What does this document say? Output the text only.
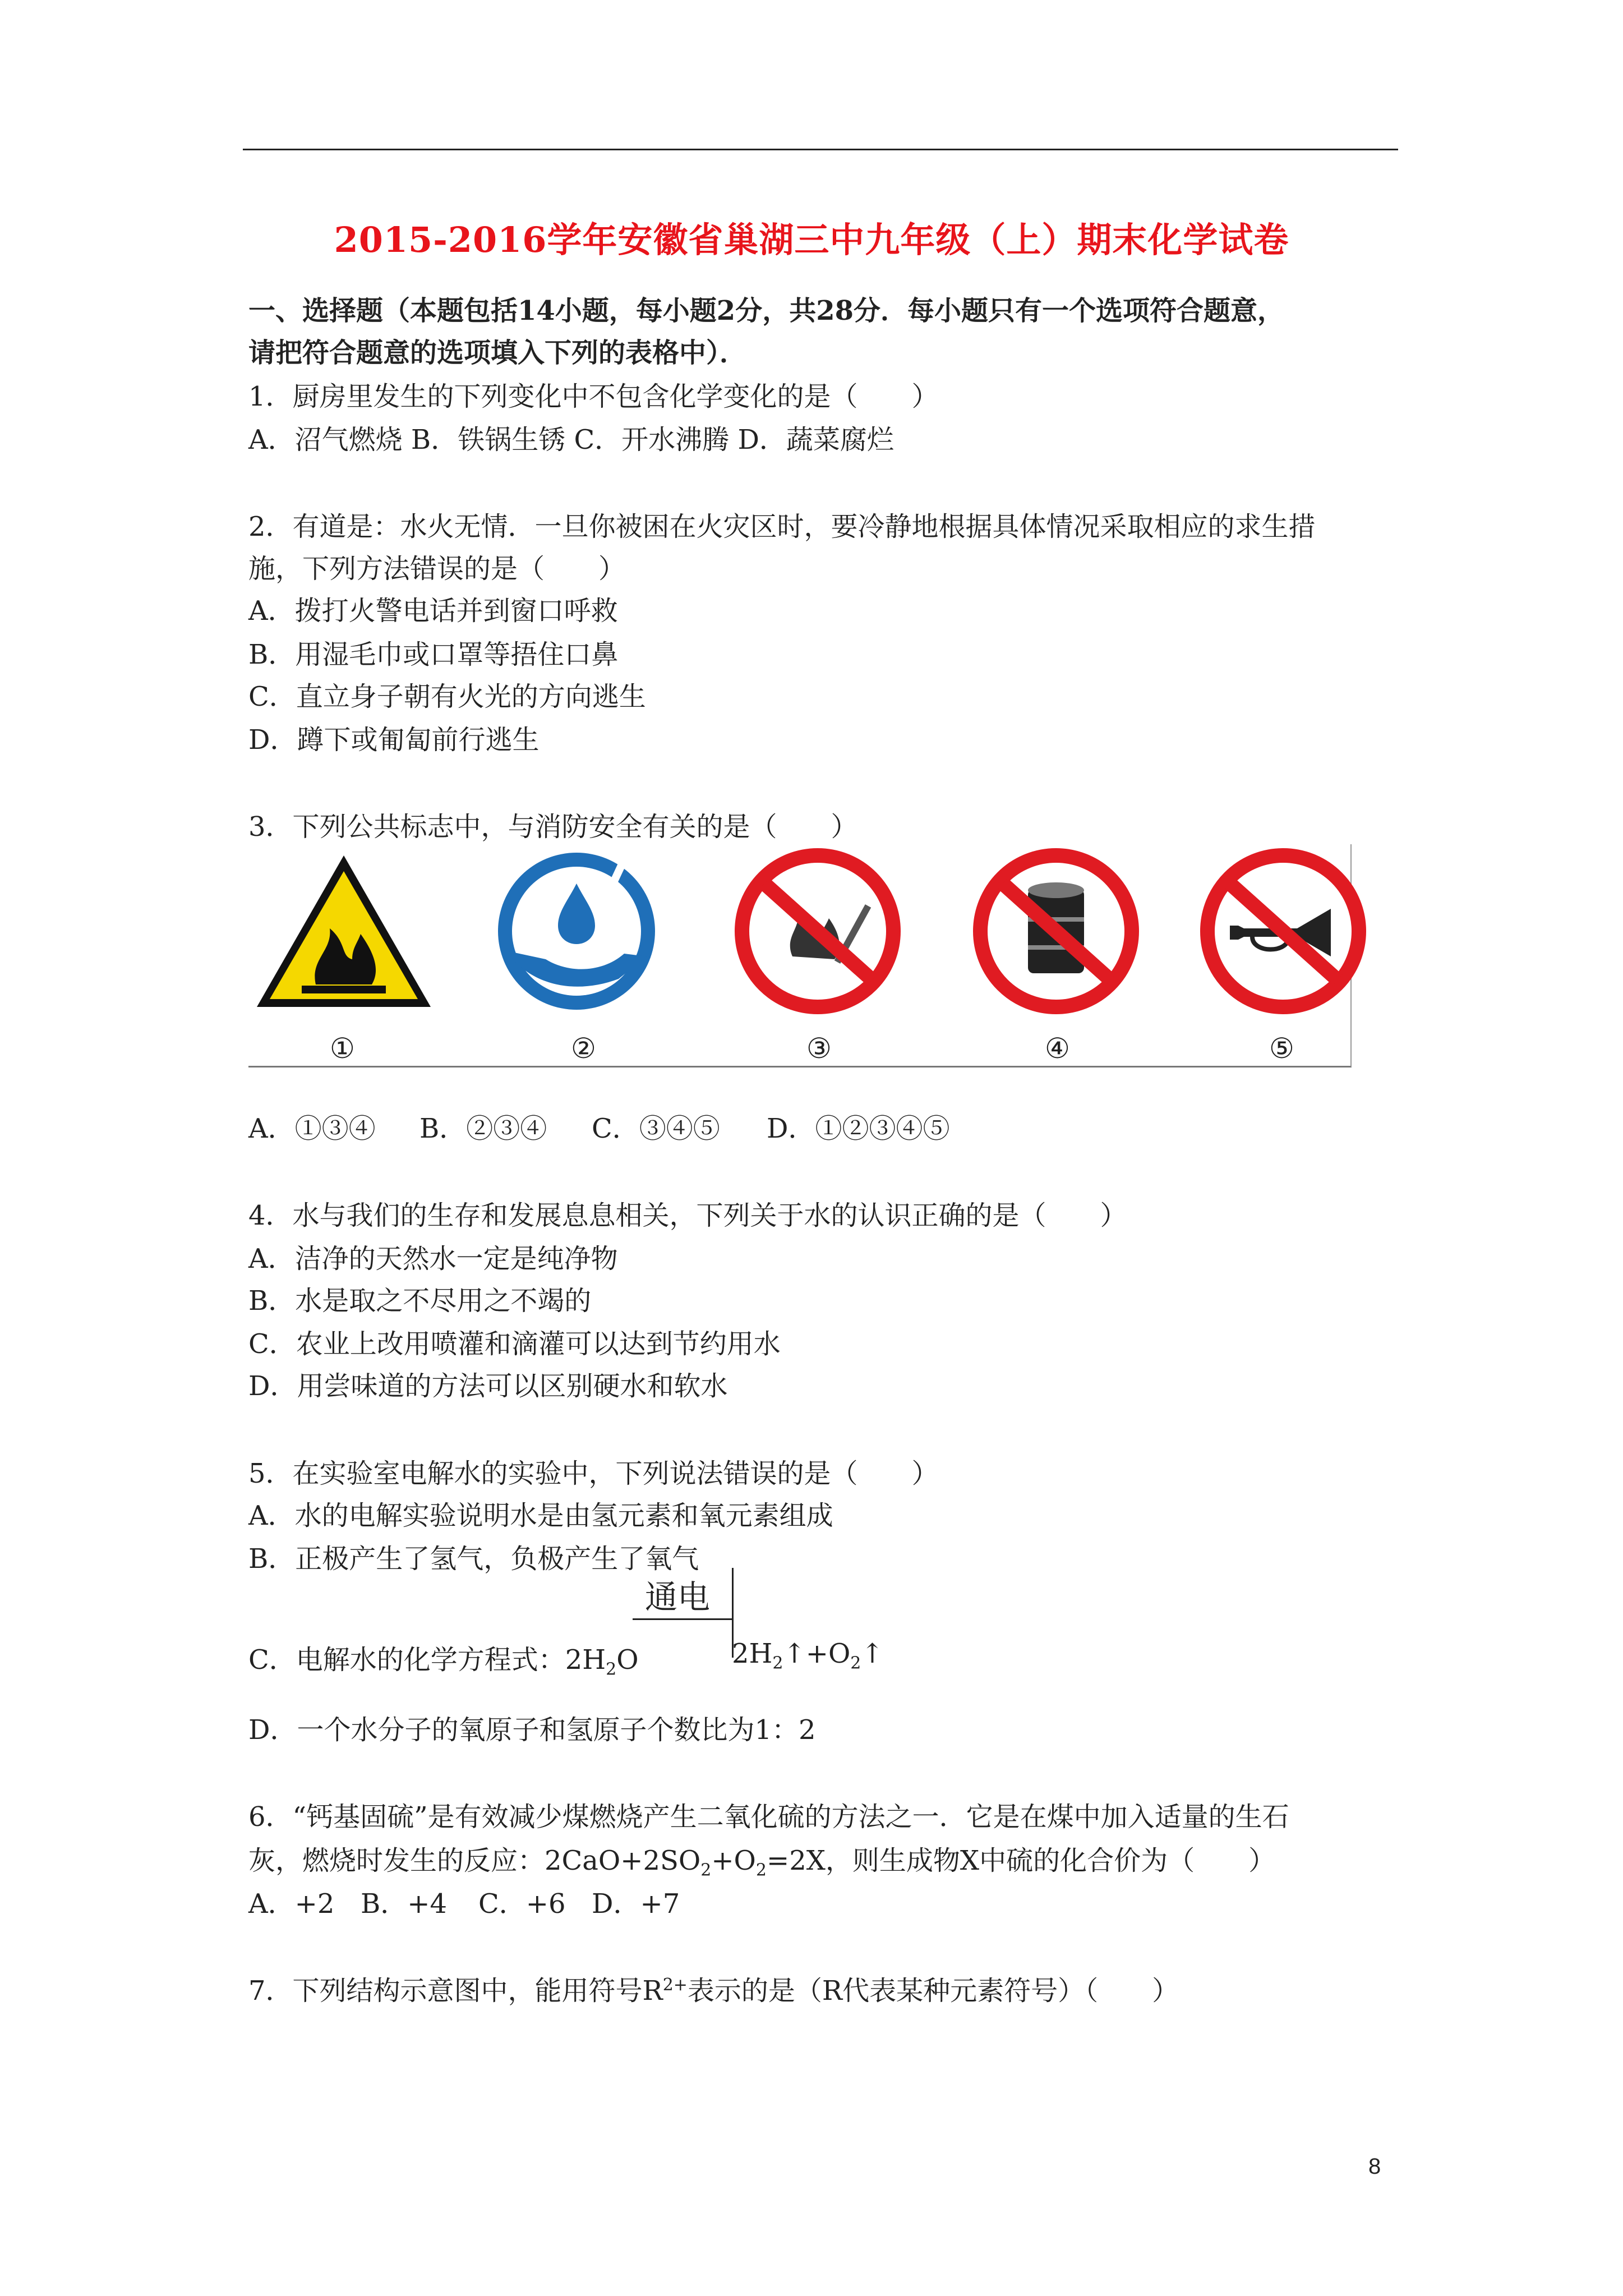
2015-2016学年安徽省巢湖三中九年级（上）期末化学试卷
一、选择题（本题包括14小题，每小题2分，共28分．每小题只有一个选项符合题意，
请把符合题意的选项填入下列的表格中）．
1．厨房里发生的下列变化中不包含化学变化的是（　　）
A．沼气燃烧 B．铁锅生锈 C．开水沸腾 D．蔬菜腐烂
2．有道是：水火无情．一旦你被困在火灾区时，要冷静地根据具体情况采取相应的求生措
施，下列方法错误的是（　　）
A．拨打火警电话并到窗口呼救
B．用湿毛巾或口罩等捂住口鼻
C．直立身子朝有火光的方向逃生
D．蹲下或匍匐前行逃生
3．下列公共标志中，与消防安全有关的是（　　）
①	②	③	④	⑤
A．①③④ B．②③④ C．③④⑤ D．①②③④⑤
4．水与我们的生存和发展息息相关，下列关于水的认识正确的是（　　）
A．洁净的天然水一定是纯净物
B．水是取之不尽用之不竭的
C．农业上改用喷灌和滴灌可以达到节约用水
D．用尝味道的方法可以区别硬水和软水
5．在实验室电解水的实验中，下列说法错误的是（　　）
A．水的电解实验说明水是由氢元素和氧元素组成
B．正极产生了氢气，负极产生了氧气
通电
C．电解水的化学方程式：$2H_2O$	$2H_2↑+O_2↑$
D．一个水分子的氧原子和氢原子个数比为1：2
6．“钙基固硫”是有效减少煤燃烧产生二氧化硫的方法之一．它是在煤中加入适量的生石
灰，燃烧时发生的反应：$2CaO+2SO_2+O_2=2X$，则生成物X中硫的化合价为（　　）
A．+2 B．+4 C．+6 D．+7
7．下列结构示意图中，能用符号$R^{2+}$表示的是（R代表某种元素符号）（　　）
8
